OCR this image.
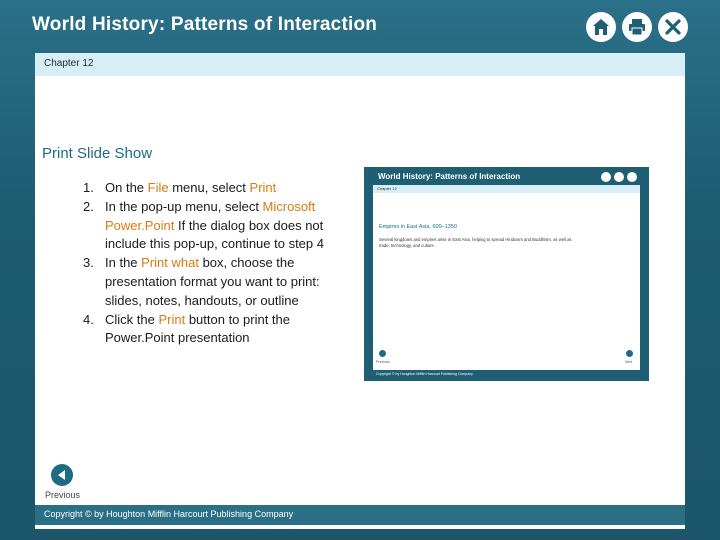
World History: Patterns of Interaction
Chapter 12
Print Slide Show
1. On the File menu, select Print
2. In the pop-up menu, select Microsoft Power.Point If the dialog box does not include this pop-up, continue to step 4
3. In the Print what box, choose the presentation format you want to print: slides, notes, handouts, or outline
4. Click the Print button to print the Power.Point presentation
World History: Patterns of Interaction
Chapter 12
Empires in East Asia, 600–1350
Several kingdoms and empires arise in East Asia, helping to spread Hinduism and Buddhism, as well as trade, technology, and culture.
Previous	Next
Copyright © by Houghton Mifflin Harcourt Publishing Company
Previous
Copyright © by Houghton Mifflin Harcourt Publishing Company
